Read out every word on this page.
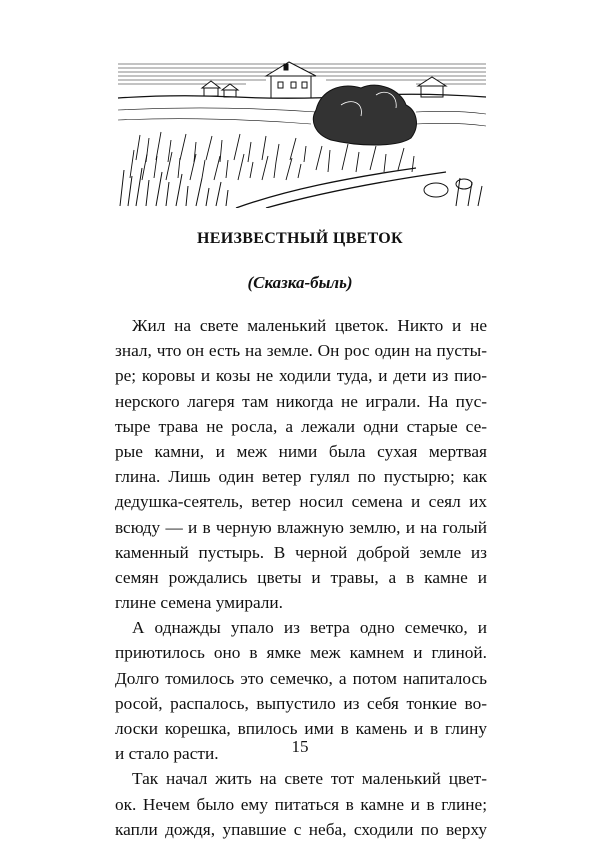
НЕИЗВЕСТНЫЙ ЦВЕТОК
(Сказка-быль)
Жил на свете маленький цветок. Никто и не
знал, что он есть на земле. Он рос один на пусты-
ре; коровы и козы не ходили туда, и дети из пио-
нерского лагеря там никогда не играли. На пус-
тыре трава не росла, а лежали одни старые се-
рые камни, и меж ними была сухая мертвая
глина. Лишь один ветер гулял по пустырю; как
дедушка-сеятель, ветер носил семена и сеял их
всюду — и в черную влажную землю, и на голый
каменный пустырь. В черной доброй земле из
семян рождались цветы и травы, а в камне и
глине семена умирали.
А однажды упало из ветра одно семечко, и
приютилось оно в ямке меж камнем и глиной.
Долго томилось это семечко, а потом напиталось
росой, распалось, выпустило из себя тонкие во-
лоски корешка, впилось ими в камень и в глину
и стало расти.
Так начал жить на свете тот маленький цвет-
ок. Нечем было ему питаться в камне и в глине;
капли дождя, упавшие с неба, сходили по верху

15
